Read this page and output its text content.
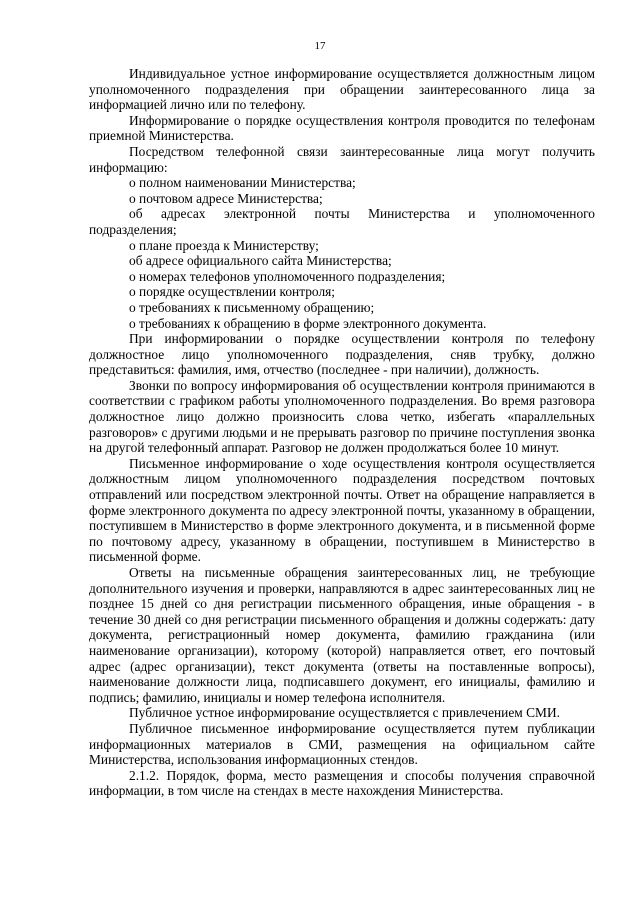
17

Индивидуальное устное информирование осуществляется должностным лицом уполномоченного подразделения при обращении заинтересованного лица за информацией лично или по телефону.

Информирование о порядке осуществления контроля проводится по телефонам приемной Министерства.

Посредством телефонной связи заинтересованные лица могут получить информацию:

о полном наименовании Министерства;

о почтовом адресе Министерства;

об адресах электронной почты Министерства и уполномоченного подразделения;

о плане проезда к Министерству;

об адресе официального сайта Министерства;

о номерах телефонов уполномоченного подразделения;

о порядке осуществлении контроля;

о требованиях к письменному обращению;

о требованиях к обращению в форме электронного документа.

При информировании о порядке осуществлении контроля по телефону должностное лицо уполномоченного подразделения, сняв трубку, должно представиться: фамилия, имя, отчество (последнее - при наличии), должность.

Звонки по вопросу информирования об осуществлении контроля принимаются в соответствии с графиком работы уполномоченного подразделения. Во время разговора должностное лицо должно произносить слова четко, избегать «параллельных разговоров» с другими людьми и не прерывать разговор по причине поступления звонка на другой телефонный аппарат. Разговор не должен продолжаться более 10 минут.

Письменное информирование о ходе осуществления контроля осуществляется должностным лицом уполномоченного подразделения посредством почтовых отправлений или посредством электронной почты. Ответ на обращение направляется в форме электронного документа по адресу электронной почты, указанному в обращении, поступившем в Министерство в форме электронного документа, и в письменной форме по почтовому адресу, указанному в обращении, поступившем в Министерство в письменной форме.

Ответы на письменные обращения заинтересованных лиц, не требующие дополнительного изучения и проверки, направляются в адрес заинтересованных лиц не позднее 15 дней со дня регистрации письменного обращения, иные обращения - в течение 30 дней со дня регистрации письменного обращения и должны содержать: дату документа, регистрационный номер документа, фамилию гражданина (или наименование организации), которому (которой) направляется ответ, его почтовый адрес (адрес организации), текст документа (ответы на поставленные вопросы), наименование должности лица, подписавшего документ, его инициалы, фамилию и подпись; фамилию, инициалы и номер телефона исполнителя.

Публичное устное информирование осуществляется с привлечением СМИ.

Публичное письменное информирование осуществляется путем публикации информационных материалов в СМИ, размещения на официальном сайте Министерства, использования информационных стендов.

2.1.2. Порядок, форма, место размещения и способы получения справочной информации, в том числе на стендах в месте нахождения Министерства.
